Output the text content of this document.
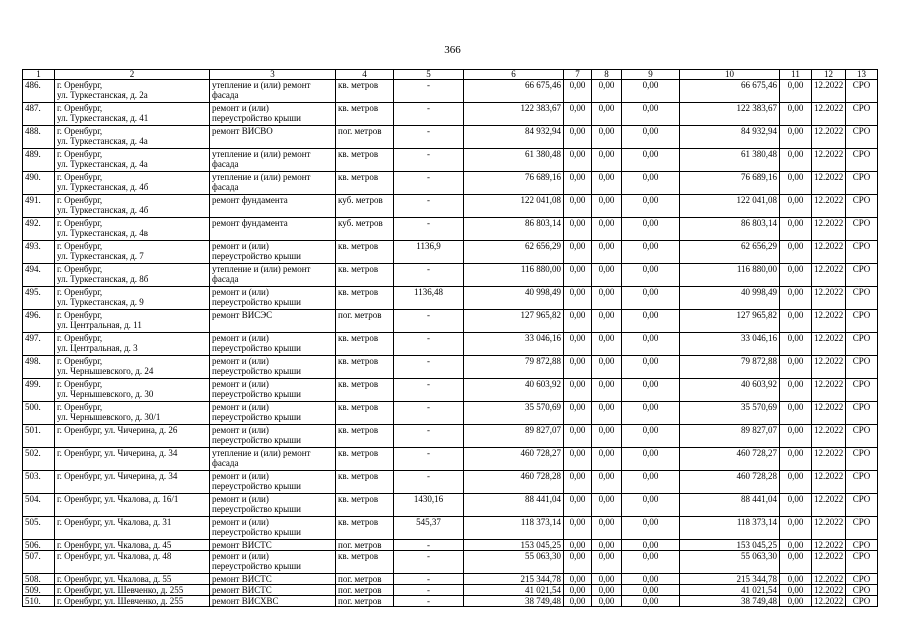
366
1	2	3	4	5	6	7	8	9	10	11	12	13
486.	г. Оренбург,
ул. Туркестанская, д. 2а	утепление и (или) ремонт
фасада	кв. метров	-	66 675,46	0,00	0,00	0,00	66 675,46	0,00	12.2022	СРО
487.	г. Оренбург,
ул. Туркестанская, д. 41	ремонт и (или)
переустройство крыши	кв. метров	-	122 383,67	0,00	0,00	0,00	122 383,67	0,00	12.2022	СРО
488.	г. Оренбург,
ул. Туркестанская, д. 4а	ремонт ВИСВО	пог. метров	-	84 932,94	0,00	0,00	0,00	84 932,94	0,00	12.2022	СРО
489.	г. Оренбург,
ул. Туркестанская, д. 4а	утепление и (или) ремонт
фасада	кв. метров	-	61 380,48	0,00	0,00	0,00	61 380,48	0,00	12.2022	СРО
490.	г. Оренбург,
ул. Туркестанская, д. 4б	утепление и (или) ремонт
фасада	кв. метров	-	76 689,16	0,00	0,00	0,00	76 689,16	0,00	12.2022	СРО
491.	г. Оренбург,
ул. Туркестанская, д. 4б	ремонт фундамента	куб. метров	-	122 041,08	0,00	0,00	0,00	122 041,08	0,00	12.2022	СРО
492.	г. Оренбург,
ул. Туркестанская, д. 4в	ремонт фундамента	куб. метров	-	86 803,14	0,00	0,00	0,00	86 803,14	0,00	12.2022	СРО
493.	г. Оренбург,
ул. Туркестанская, д. 7	ремонт и (или)
переустройство крыши	кв. метров	1136,9	62 656,29	0,00	0,00	0,00	62 656,29	0,00	12.2022	СРО
494.	г. Оренбург,
ул. Туркестанская, д. 8б	утепление и (или) ремонт
фасада	кв. метров	-	116 880,00	0,00	0,00	0,00	116 880,00	0,00	12.2022	СРО
495.	г. Оренбург,
ул. Туркестанская, д. 9	ремонт и (или)
переустройство крыши	кв. метров	1136,48	40 998,49	0,00	0,00	0,00	40 998,49	0,00	12.2022	СРО
496.	г. Оренбург,
ул. Центральная, д. 11	ремонт ВИСЭС	пог. метров	-	127 965,82	0,00	0,00	0,00	127 965,82	0,00	12.2022	СРО
497.	г. Оренбург,
ул. Центральная, д. 3	ремонт и (или)
переустройство крыши	кв. метров	-	33 046,16	0,00	0,00	0,00	33 046,16	0,00	12.2022	СРО
498.	г. Оренбург,
ул. Чернышевского, д. 24	ремонт и (или)
переустройство крыши	кв. метров	-	79 872,88	0,00	0,00	0,00	79 872,88	0,00	12.2022	СРО
499.	г. Оренбург,
ул. Чернышевского, д. 30	ремонт и (или)
переустройство крыши	кв. метров	-	40 603,92	0,00	0,00	0,00	40 603,92	0,00	12.2022	СРО
500.	г. Оренбург,
ул. Чернышевского, д. 30/1	ремонт и (или)
переустройство крыши	кв. метров	-	35 570,69	0,00	0,00	0,00	35 570,69	0,00	12.2022	СРО
501.	г. Оренбург, ул. Чичерина, д. 26	ремонт и (или)
переустройство крыши	кв. метров	-	89 827,07	0,00	0,00	0,00	89 827,07	0,00	12.2022	СРО
502.	г. Оренбург, ул. Чичерина, д. 34	утепление и (или) ремонт
фасада	кв. метров	-	460 728,27	0,00	0,00	0,00	460 728,27	0,00	12.2022	СРО
503.	г. Оренбург, ул. Чичерина, д. 34	ремонт и (или)
переустройство крыши	кв. метров	-	460 728,28	0,00	0,00	0,00	460 728,28	0,00	12.2022	СРО
504.	г. Оренбург, ул. Чкалова, д. 16/1	ремонт и (или)
переустройство крыши	кв. метров	1430,16	88 441,04	0,00	0,00	0,00	88 441,04	0,00	12.2022	СРО
505.	г. Оренбург, ул. Чкалова, д. 31	ремонт и (или)
переустройство крыши	кв. метров	545,37	118 373,14	0,00	0,00	0,00	118 373,14	0,00	12.2022	СРО
506.	г. Оренбург, ул. Чкалова, д. 45	ремонт ВИСТС	пог. метров	-	153 045,25	0,00	0,00	0,00	153 045,25	0,00	12.2022	СРО
507.	г. Оренбург, ул. Чкалова, д. 48	ремонт и (или)
переустройство крыши	кв. метров	-	55 063,30	0,00	0,00	0,00	55 063,30	0,00	12.2022	СРО
508.	г. Оренбург, ул. Чкалова, д. 55	ремонт ВИСТС	пог. метров	-	215 344,78	0,00	0,00	0,00	215 344,78	0,00	12.2022	СРО
509.	г. Оренбург, ул. Шевченко, д. 255	ремонт ВИСТС	пог. метров	-	41 021,54	0,00	0,00	0,00	41 021,54	0,00	12.2022	СРО
510.	г. Оренбург, ул. Шевченко, д. 255	ремонт ВИСХВС	пог. метров	-	38 749,48	0,00	0,00	0,00	38 749,48	0,00	12.2022	СРО
